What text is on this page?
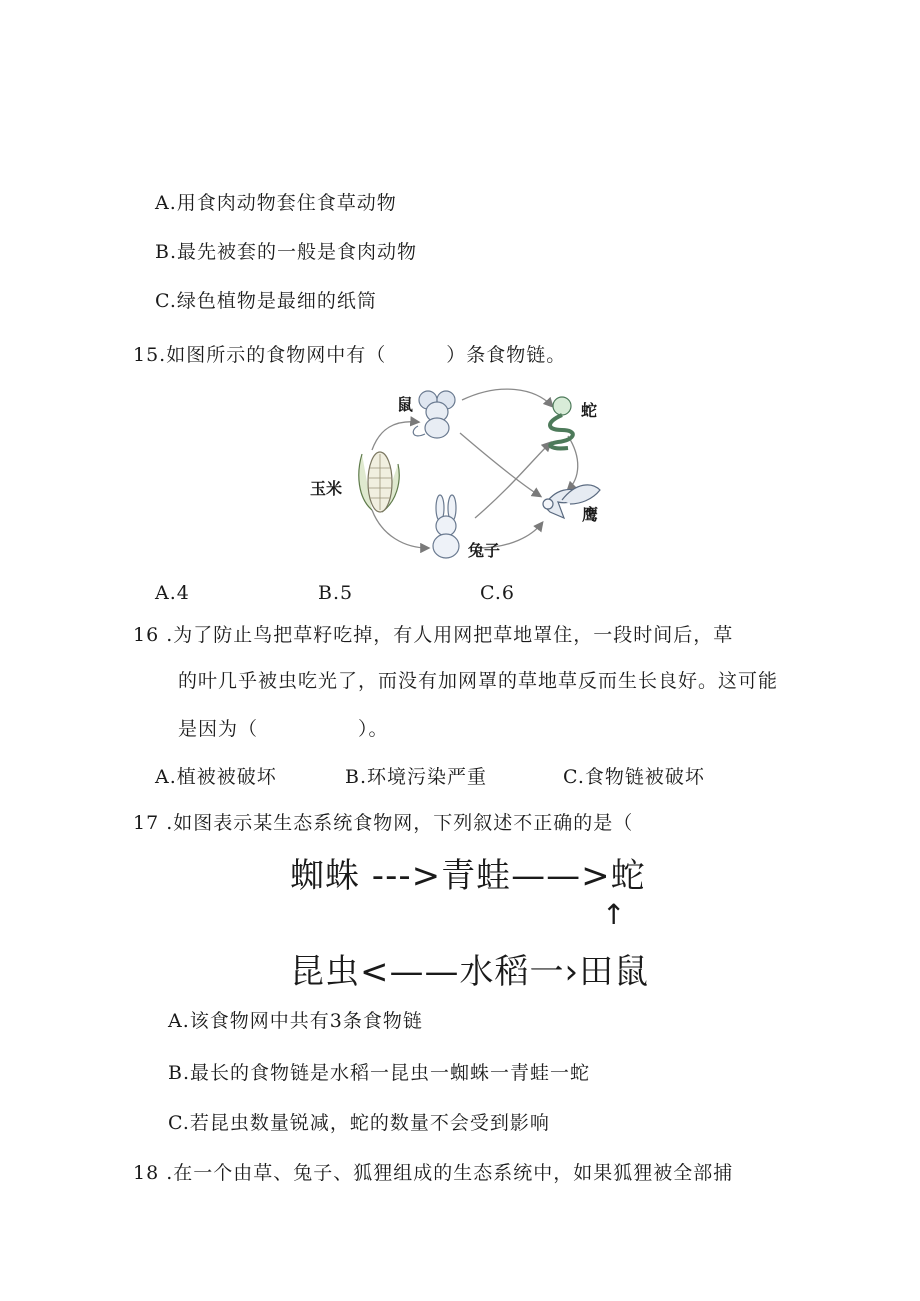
A.用食肉动物套住食草动物
B.最先被套的一般是食肉动物
C.绿色植物是最细的纸筒
15.如图所示的食物网中有（　　　）条食物链。
鼠	蛇
玉米
兔子
鹰
A.4	B.5	C.6
16 .为了防止鸟把草籽吃掉，有人用网把草地罩住，一段时间后，草
的叶几乎被虫吃光了，而没有加网罩的草地草反而生长良好。这可能
是因为（　　　　　）。
A.植被被破坏	B.环境污染严重	C.食物链被破坏
17 .如图表示某生态系统食物网，下列叙述不正确的是（
蜘蛛 --->青蛙——>蛇
↑
昆虫<——水稻一›田鼠
A.该食物网中共有3条食物链
B.最长的食物链是水稻一昆虫一蜘蛛一青蛙一蛇
C.若昆虫数量锐减，蛇的数量不会受到影响
18 .在一个由草、兔子、狐狸组成的生态系统中，如果狐狸被全部捕
